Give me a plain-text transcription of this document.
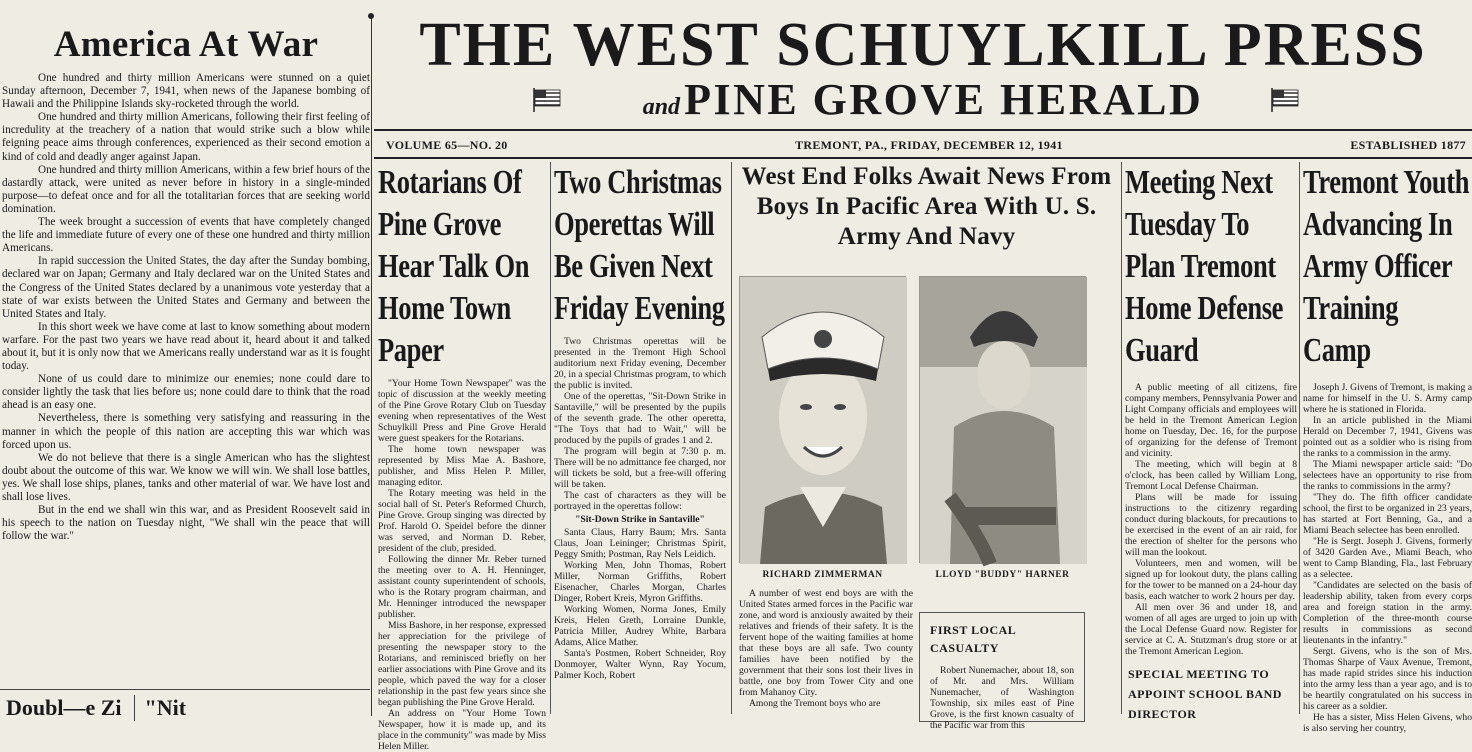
America At War

One hundred and thirty million Americans were stunned on a quiet Sunday afternoon, December 7, 1941, when news of the Japanese bombing of Hawaii and the Philippine Islands sky-rocketed through the world.

One hundred and thirty million Americans, following their first feeling of incredulity at the treachery of a nation that would strike such a blow while feigning peace aims through conferences, experienced as their second emotion a kind of cold and deadly anger against Japan.

One hundred and thirty million Americans, within a few brief hours of the dastardly attack, were united as never before in history in a single-minded purpose—to defeat once and for all the totalitarian forces that are seeking world domination.

The week brought a succession of events that have completely changed the life and immediate future of every one of these one hundred and thirty million Americans.

In rapid succession the United States, the day after the Sunday bombing, declared war on Japan; Germany and Italy declared war on the United States and the Congress of the United States declared by a unanimous vote yesterday that a state of war exists between the United States and Germany and between the United States and Italy.

In this short week we have come at last to know something about modern warfare. For the past two years we have read about it, heard about it and talked about it, but it is only now that we Americans really understand war as it is fought today.

None of us could dare to minimize our enemies; none could dare to consider lightly the task that lies before us; none could dare to think that the road ahead is an easy one.

Nevertheless, there is something very satisfying and reassuring in the manner in which the people of this nation are accepting this war which was forced upon us.

We do not believe that there is a single American who has the slightest doubt about the outcome of this war. We know we will win. We shall lose battles, yes. We shall lose ships, planes, tanks and other material of war. We have lost and shall lose lives.

But in the end we shall win this war, and as President Roosevelt said in his speech to the nation on Tuesday night, "We shall win the peace that will follow the war."

Doubl—e Zi	"Nit
THE WEST SCHUYLKILL PRESS
and PINE GROVE HERALD
VOLUME 65—NO. 20	TREMONT, PA., FRIDAY, DECEMBER 12, 1941	ESTABLISHED 1877
Rotarians Of Pine Grove Hear Talk On Home Town Paper

"Your Home Town Newspaper" was the topic of discussion at the weekly meeting of the Pine Grove Rotary Club on Tuesday evening when representatives of the West Schuylkill Press and Pine Grove Herald were guest speakers for the Rotarians.

The home town newspaper was represented by Miss Mae A. Bashore, publisher, and Miss Helen P. Miller, managing editor.

The Rotary meeting was held in the social hall of St. Peter's Reformed Church, Pine Grove. Group singing was directed by Prof. Harold O. Speidel before the dinner was served, and Norman D. Reber, president of the club, presided.

Following the dinner Mr. Reber turned the meeting over to A. H. Henninger, assistant county superintendent of schools, who is the Rotary program chairman, and Mr. Henninger introduced the newspaper publisher.

Miss Bashore, in her response, expressed her appreciation for the privilege of presenting the newspaper story to the Rotarians, and reminisced briefly on her earlier associations with Pine Grove and its people, which paved the way for a closer relationship in the past few years since she began publishing the Pine Grove Herald.

An address on "Your Home Town Newspaper, how it is made up, and its place in the community" was made by Miss Helen Miller.

Two Christmas Operettas Will Be Given Next Friday Evening

Two Christmas operettas will be presented in the Tremont High School auditorium next Friday evening, December 20, in a special Christmas program, to which the public is invited.

One of the operettas, "Sit-Down Strike in Santaville," will be presented by the pupils of the seventh grade. The other operetta, "The Toys that had to Wait," will be produced by the pupils of grades 1 and 2.

The program will begin at 7:30 p. m. There will be no admittance fee charged, nor will tickets be sold, but a free-will offering will be taken.

The cast of characters as they will be portrayed in the operettas follow:

"Sit-Down Strike in Santaville"

Santa Claus, Harry Baum; Mrs. Santa Claus, Joan Leininger; Christmas Spirit, Peggy Smith; Postman, Ray Nels Leidich.

Working Men, John Thomas, Robert Miller, Norman Griffiths, Robert Eisenacher, Charles Morgan, Charles Dinger, Robert Kreis, Myron Griffiths.

Working Women, Norma Jones, Emily Kreis, Helen Greth, Lorraine Dunkle, Patricia Miller, Audrey White, Barbara Adams, Alice Mather.

Santa's Postmen, Robert Schneider, Roy Donmoyer, Walter Wynn, Ray Yocum, Palmer Koch, Robert

West End Folks Await News From Boys In Pacific Area With U. S. Army And Navy
RICHARD ZIMMERMAN	LLOYD "BUDDY" HARNER

A number of west end boys are with the United States armed forces in the Pacific war zone, and word is anxiously awaited by their relatives and friends of their safety. It is the fervent hope of the waiting families at home that these boys are all safe. Two county families have been notified by the government that their sons lost their lives in battle, one boy from Tower City and one from Mahanoy City.

Among the Tremont boys who are

FIRST LOCAL CASUALTY

Robert Nunemacher, about 18, son of Mr. and Mrs. William Nunemacher, of Washington Township, six miles east of Pine Grove, is the first known casualty of the Pacific war from this

Meeting Next Tuesday To Plan Tremont Home Defense Guard

A public meeting of all citizens, fire company members, Pennsylvania Power and Light Company officials and employees will be held in the Tremont American Legion home on Tuesday, Dec. 16, for the purpose of organizing for the defense of Tremont and vicinity.

The meeting, which will begin at 8 o'clock, has been called by William Long, Tremont Local Defense Chairman.

Plans will be made for issuing instructions to the citizenry regarding conduct during blackouts, for precautions to be exercised in the event of an air raid, for the erection of shelter for the persons who will man the lookout.

Volunteers, men and women, will be signed up for lookout duty, the plans calling for the tower to be manned on a 24-hour day basis, each watcher to work 2 hours per day.

All men over 36 and under 18, and women of all ages are urged to join up with the Local Defense Guard now. Register for service at C. A. Stutzman's drug store or at the Tremont American Legion.

SPECIAL MEETING TO APPOINT SCHOOL BAND DIRECTOR
Tremont Youth Advancing In Army Officer Training Camp

Joseph J. Givens of Tremont, is making a name for himself in the U. S. Army camp where he is stationed in Florida.

In an article published in the Miami Herald on December 7, 1941, Givens was pointed out as a soldier who is rising from the ranks to a commission in the army.

The Miami newspaper article said: "Do selectees have an opportunity to rise from the ranks to commissions in the army?

"They do. The fifth officer candidate school, the first to be organized in 23 years, has started at Fort Benning, Ga., and a Miami Beach selectee has been enrolled.

"He is Sergt. Joseph J. Givens, formerly of 3420 Garden Ave., Miami Beach, who went to Camp Blanding, Fla., last February as a selectee.

"Candidates are selected on the basis of leadership ability, taken from every corps area and foreign station in the army. Completion of the three-month course results in commissions as second lieutenants in the infantry."

Sergt. Givens, who is the son of Mrs. Thomas Sharpe of Vaux Avenue, Tremont, has made rapid strides since his induction into the army less than a year ago, and is to be heartily congratulated on his success in his career as a soldier.

He has a sister, Miss Helen Givens, who is also serving her country,
